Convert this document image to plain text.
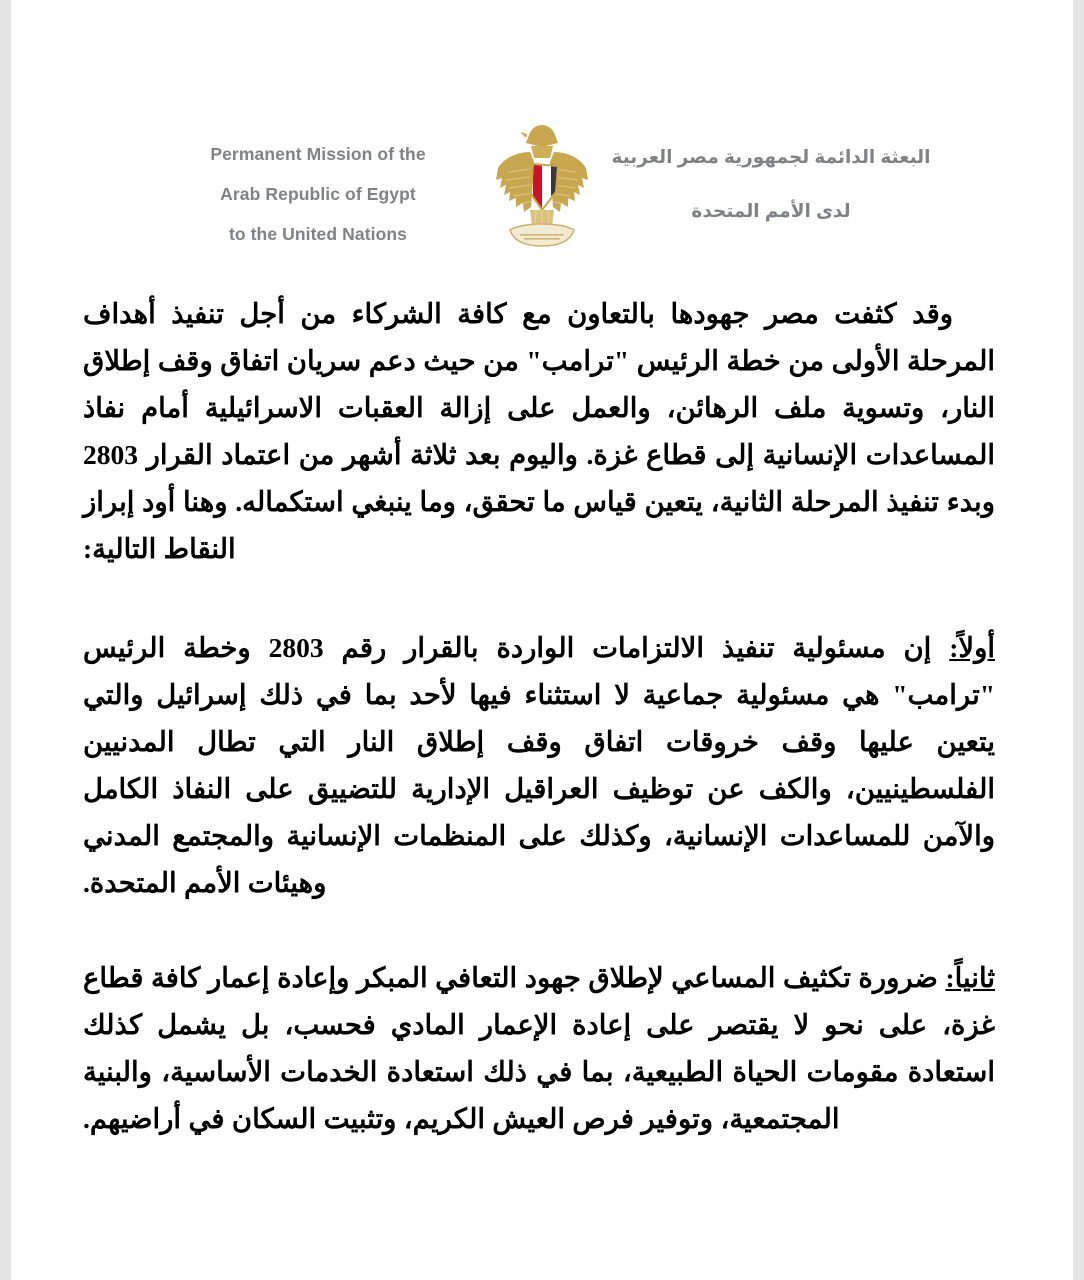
البعثة الدائمة لجمهورية مصر العربية
لدى الأمم المتحدة
Permanent Mission of the
Arab Republic of Egypt
to the United Nations

وقد كثفت مصر جهودها بالتعاون مع كافة الشركاء من أجل تنفيذ أهداف المرحلة الأولى من خطة الرئيس "ترامب" من حيث دعم سريان اتفاق وقف إطلاق النار، وتسوية ملف الرهائن، والعمل على إزالة العقبات الاسرائيلية أمام نفاذ المساعدات الإنسانية إلى قطاع غزة. واليوم بعد ثلاثة أشهر من اعتماد القرار 2803 وبدء تنفيذ المرحلة الثانية، يتعين قياس ما تحقق، وما ينبغي استكماله. وهنا أود إبراز النقاط التالية:

أولاً: إن مسئولية تنفيذ الالتزامات الواردة بالقرار رقم 2803 وخطة الرئيس "ترامب" هي مسئولية جماعية لا استثناء فيها لأحد بما في ذلك إسرائيل والتي يتعين عليها وقف خروقات اتفاق وقف إطلاق النار التي تطال المدنيين الفلسطينيين، والكف عن توظيف العراقيل الإدارية للتضييق على النفاذ الكامل والآمن للمساعدات الإنسانية، وكذلك على المنظمات الإنسانية والمجتمع المدني وهيئات الأمم المتحدة.

ثانياً: ضرورة تكثيف المساعي لإطلاق جهود التعافي المبكر وإعادة إعمار كافة قطاع غزة، على نحو لا يقتصر على إعادة الإعمار المادي فحسب، بل يشمل كذلك استعادة مقومات الحياة الطبيعية، بما في ذلك استعادة الخدمات الأساسية، والبنية المجتمعية، وتوفير فرص العيش الكريم، وتثبيت السكان في أراضيهم.
